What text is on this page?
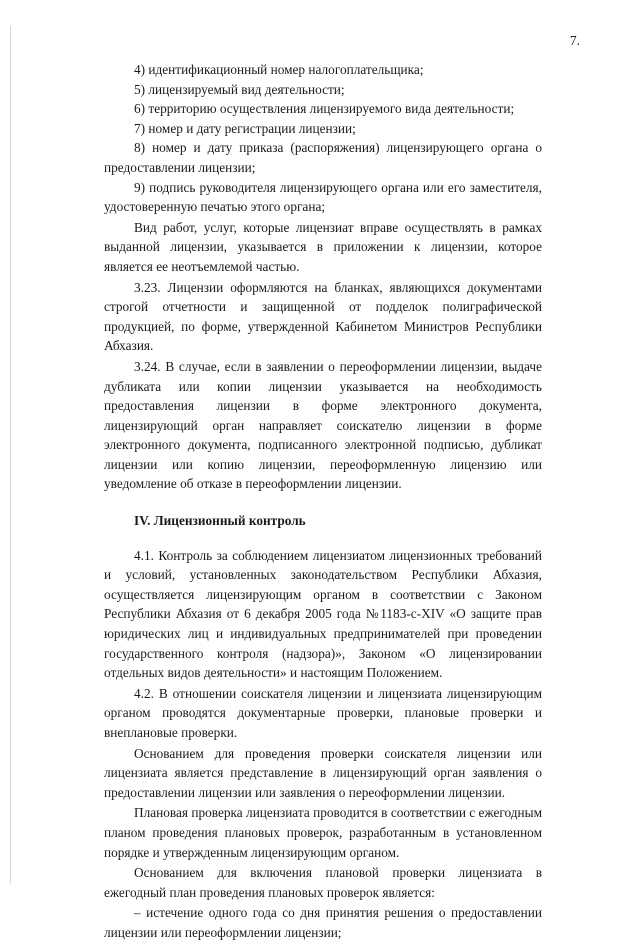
7.

4) идентификационный номер налогоплательщика;

5) лицензируемый вид деятельности;

6) территорию осуществления лицензируемого вида деятельности;

7) номер и дату регистрации лицензии;

8) номер и дату приказа (распоряжения) лицензирующего органа о предоставлении лицензии;

9) подпись руководителя лицензирующего органа или его заместителя, удостоверенную печатью этого органа;

Вид работ, услуг, которые лицензиат вправе осуществлять в рамках выданной лицензии, указывается в приложении к лицензии, которое является ее неотъемлемой частью.

3.23. Лицензии оформляются на бланках, являющихся документами строгой отчетности и защищенной от подделок полиграфической продукцией, по форме, утвержденной Кабинетом Министров Республики Абхазия.

3.24. В случае, если в заявлении о переоформлении лицензии, выдаче дубликата или копии лицензии указывается на необходимость предоставления лицензии в форме электронного документа, лицензирующий орган направляет соискателю лицензии в форме электронного документа, подписанного электронной подписью, дубликат лицензии или копию лицензии, переоформленную лицензию или уведомление об отказе в переоформлении лицензии.

IV. Лицензионный контроль

4.1. Контроль за соблюдением лицензиатом лицензионных требований и условий, установленных законодательством Республики Абхазия, осуществляется лицензирующим органом в соответствии с Законом Республики Абхазия от 6 декабря 2005 года №1183-с-XIV «О защите прав юридических лиц и индивидуальных предпринимателей при проведении государственного контроля (надзора)», Законом «О лицензировании отдельных видов деятельности» и настоящим Положением.

4.2. В отношении соискателя лицензии и лицензиата лицензирующим органом проводятся документарные проверки, плановые проверки и внеплановые проверки.

Основанием для проведения проверки соискателя лицензии или лицензиата является представление в лицензирующий орган заявления о предоставлении лицензии или заявления о переоформлении лицензии.

Плановая проверка лицензиата проводится в соответствии с ежегодным планом проведения плановых проверок, разработанным в установленном порядке и утвержденным лицензирующим органом.

Основанием для включения плановой проверки лицензиата в ежегодный план проведения плановых проверок является:

– истечение одного года со дня принятия решения о предоставлении лицензии или переоформлении лицензии;
